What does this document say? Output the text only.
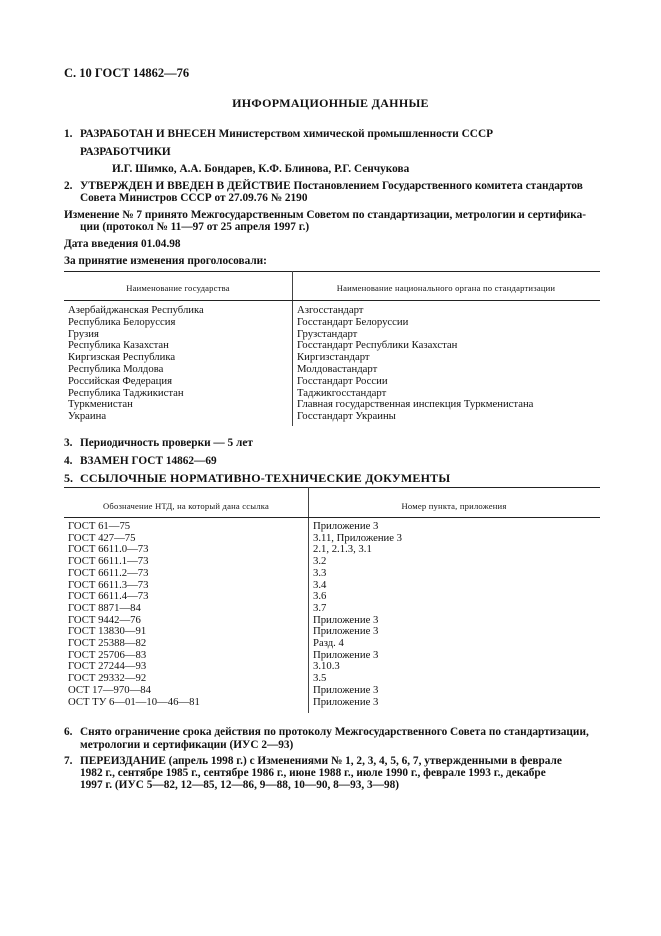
С. 10 ГОСТ 14862—76
ИНФОРМАЦИОННЫЕ ДАННЫЕ
1. РАЗРАБОТАН И ВНЕСЕН Министерством химической промышленности СССР
РАЗРАБОТЧИКИ
И.Г. Шимко, А.А. Бондарев, К.Ф. Блинова, Р.Г. Сенчукова
2. УТВЕРЖДЕН И ВВЕДЕН В ДЕЙСТВИЕ Постановлением Государственного комитета стандартов
Совета Министров СССР от 27.09.76 № 2190
Изменение № 7 принято Межгосударственным Советом по стандартизации, метрологии и сертифика-
ции (протокол № 11—97 от 25 апреля 1997 г.)
Дата введения 01.04.98
За принятие изменения проголосовали:
Наименование государства	Наименование национального органа по стандартизации
Азербайджанская Республика	Азгосстандарт
Республика Белоруссия	Госстандарт Белоруссии
Грузия	Грузстандарт
Республика Казахстан	Госстандарт Республики Казахстан
Киргизская Республика	Киргизстандарт
Республика Молдова	Молдовастандарт
Российская Федерация	Госстандарт России
Республика Таджикистан	Таджикгосстандарт
Туркменистан	Главная государственная инспекция Туркменистана
Украина	Госстандарт Украины
3. Периодичность проверки — 5 лет
4. ВЗАМЕН ГОСТ 14862—69
5. ССЫЛОЧНЫЕ НОРМАТИВНО-ТЕХНИЧЕСКИЕ ДОКУМЕНТЫ
Обозначение НТД, на который дана ссылка	Номер пункта, приложения
ГОСТ 61—75	Приложение 3
ГОСТ 427—75	3.11, Приложение 3
ГОСТ 6611.0—73	2.1, 2.1.3, 3.1
ГОСТ 6611.1—73	3.2
ГОСТ 6611.2—73	3.3
ГОСТ 6611.3—73	3.4
ГОСТ 6611.4—73	3.6
ГОСТ 8871—84	3.7
ГОСТ 9442—76	Приложение 3
ГОСТ 13830—91	Приложение 3
ГОСТ 25388—82	Разд. 4
ГОСТ 25706—83	Приложение 3
ГОСТ 27244—93	3.10.3
ГОСТ 29332—92	3.5
ОСТ 17—970—84	Приложение 3
ОСТ ТУ 6—01—10—46—81	Приложение 3
6. Снято ограничение срока действия по протоколу Межгосударственного Совета по стандартизации,
метрологии и сертификации (ИУС 2—93)
7. ПЕРЕИЗДАНИЕ (апрель 1998 г.) с Изменениями № 1, 2, 3, 4, 5, 6, 7, утвержденными в феврале
1982 г., сентябре 1985 г., сентябре 1986 г., июне 1988 г., июле 1990 г., феврале 1993 г., декабре
1997 г. (ИУС 5—82, 12—85, 12—86, 9—88, 10—90, 8—93, 3—98)
